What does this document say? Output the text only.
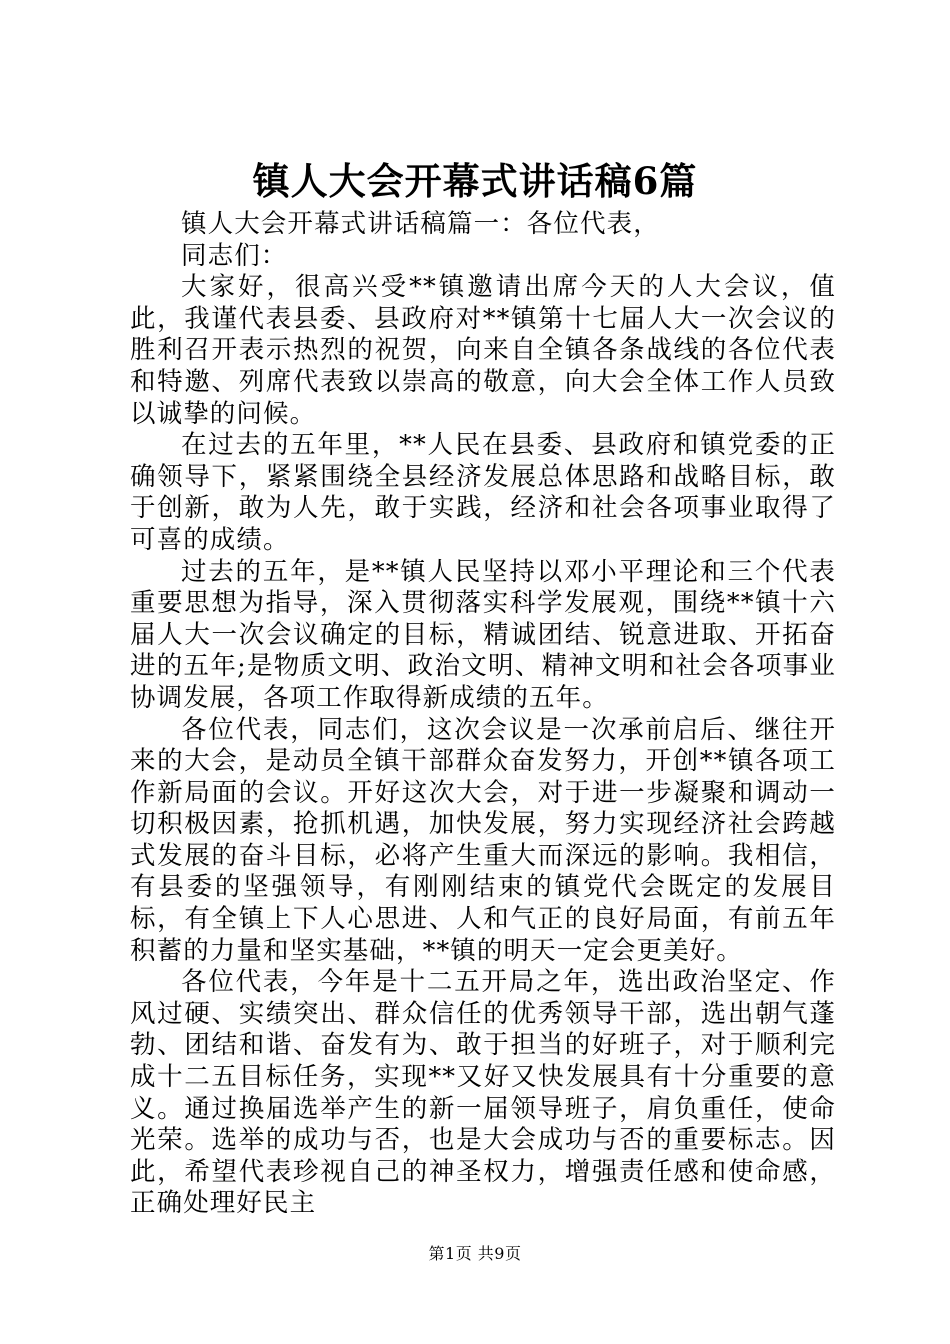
镇人大会开幕式讲话稿6篇

镇人大会开幕式讲话稿篇一：各位代表，

同志们：

大家好，很高兴受**镇邀请出席今天的人大会议，值此，我谨代表县委、县政府对**镇第十七届人大一次会议的胜利召开表示热烈的祝贺，向来自全镇各条战线的各位代表和特邀、列席代表致以崇高的敬意，向大会全体工作人员致以诚挚的问候。

在过去的五年里，**人民在县委、县政府和镇党委的正确领导下，紧紧围绕全县经济发展总体思路和战略目标，敢于创新，敢为人先，敢于实践，经济和社会各项事业取得了可喜的成绩。

过去的五年，是**镇人民坚持以邓小平理论和三个代表重要思想为指导，深入贯彻落实科学发展观，围绕**镇十六届人大一次会议确定的目标，精诚团结、锐意进取、开拓奋进的五年;是物质文明、政治文明、精神文明和社会各项事业协调发展，各项工作取得新成绩的五年。

各位代表，同志们，这次会议是一次承前启后、继往开来的大会，是动员全镇干部群众奋发努力，开创**镇各项工作新局面的会议。开好这次大会，对于进一步凝聚和调动一切积极因素，抢抓机遇，加快发展，努力实现经济社会跨越式发展的奋斗目标，必将产生重大而深远的影响。我相信，有县委的坚强领导，有刚刚结束的镇党代会既定的发展目标，有全镇上下人心思进、人和气正的良好局面，有前五年积蓄的力量和坚实基础，**镇的明天一定会更美好。

各位代表，今年是十二五开局之年，选出政治坚定、作风过硬、实绩突出、群众信任的优秀领导干部，选出朝气蓬勃、团结和谐、奋发有为、敢于担当的好班子，对于顺利完成十二五目标任务，实现**又好又快发展具有十分重要的意义。通过换届选举产生的新一届领导班子，肩负重任，使命光荣。选举的成功与否，也是大会成功与否的重要标志。因此，希望代表珍视自己的神圣权力，增强责任感和使命感，正确处理好民主

第1页 共9页
